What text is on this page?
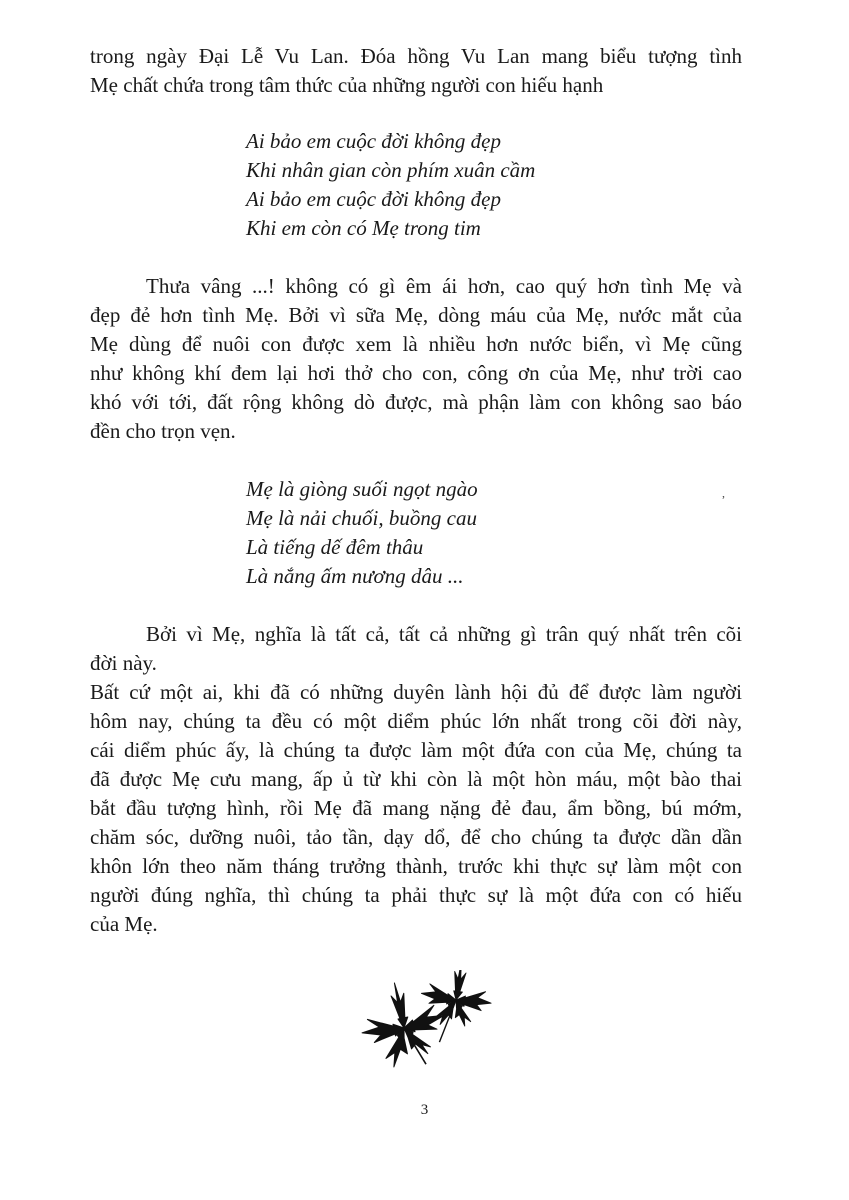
trong ngày Đại Lễ Vu Lan. Đóa hồng Vu Lan mang biểu tượng tình
Mẹ chất chứa trong tâm thức của những người con hiếu hạnh
Ai bảo em cuộc đời không đẹp
Khi nhân gian còn phím xuân cầm
Ai bảo em cuộc đời không đẹp
Khi em còn có Mẹ trong tim
Thưa vâng ...! không có gì êm ái hơn, cao quý hơn tình Mẹ và
đẹp đẻ hơn tình Mẹ. Bởi vì sữa Mẹ, dòng máu của Mẹ, nước mắt của
Mẹ dùng để nuôi con được xem là nhiều hơn nước biển, vì Mẹ cũng
như không khí đem lại hơi thở cho con, công ơn của Mẹ, như trời cao
khó với tới, đất rộng không dò được, mà phận làm con không sao báo
đền cho trọn vẹn.
Mẹ là giòng suối ngọt ngào
Mẹ là nải chuối, buồng cau
Là tiếng dế đêm thâu
Là nắng ấm nương dâu ...
,
Bởi vì Mẹ, nghĩa là tất cả, tất cả những gì trân quý nhất trên cõi
đời này.
Bất cứ một ai, khi đã có những duyên lành hội đủ để được làm người
hôm nay, chúng ta đều có một diểm phúc lớn nhất trong cõi đời này,
cái diểm phúc ấy, là chúng ta được làm một đứa con của Mẹ, chúng ta
đã được Mẹ cưu mang, ấp ủ từ khi còn là một hòn máu, một bào thai
bắt đầu tượng hình, rồi Mẹ đã mang nặng đẻ đau, ẩm bồng, bú mớm,
chăm sóc, dưỡng nuôi, tảo tần, dạy dổ, để cho chúng ta được dần dần
khôn lớn theo năm tháng trưởng thành, trước khi thực sự làm một con
người đúng nghĩa, thì chúng ta phải thực sự là một đứa con có hiếu
của Mẹ.
3
